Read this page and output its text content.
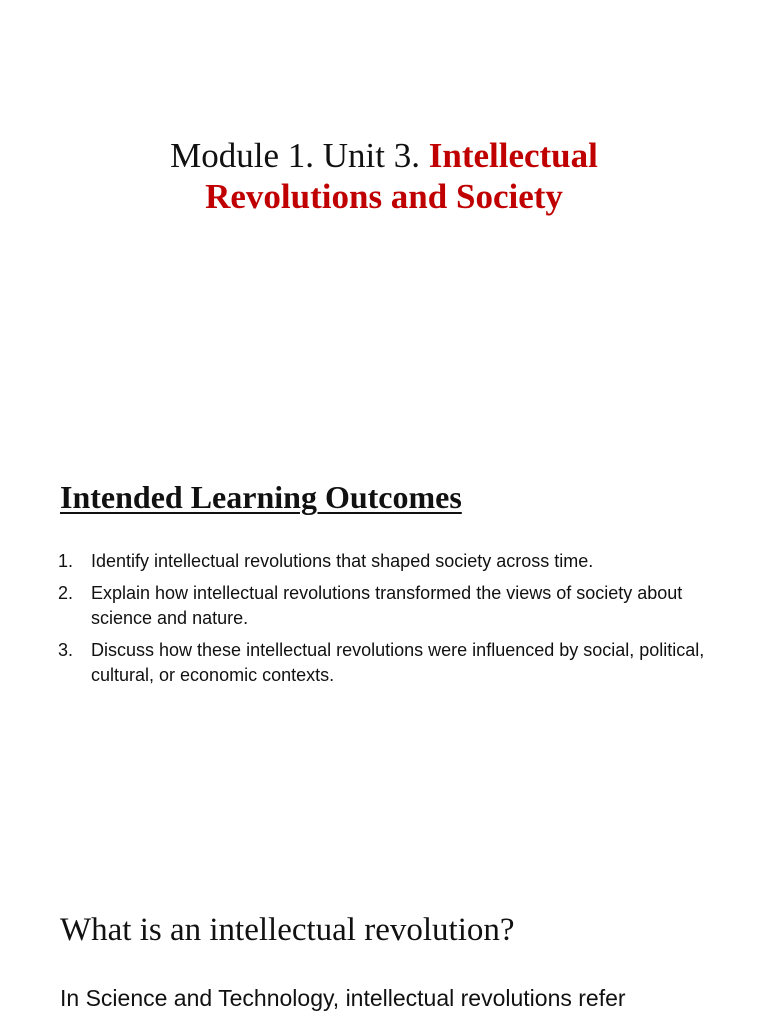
Module 1. Unit 3. Intellectual
Revolutions and Society
Intended Learning Outcomes
1. Identify intellectual revolutions that shaped society across time.
2. Explain how intellectual revolutions transformed the views of society about science and nature.
3. Discuss how these intellectual revolutions were influenced by social, political, cultural, or economic contexts.
What is an intellectual revolution?

In Science and Technology, intellectual revolutions refer
